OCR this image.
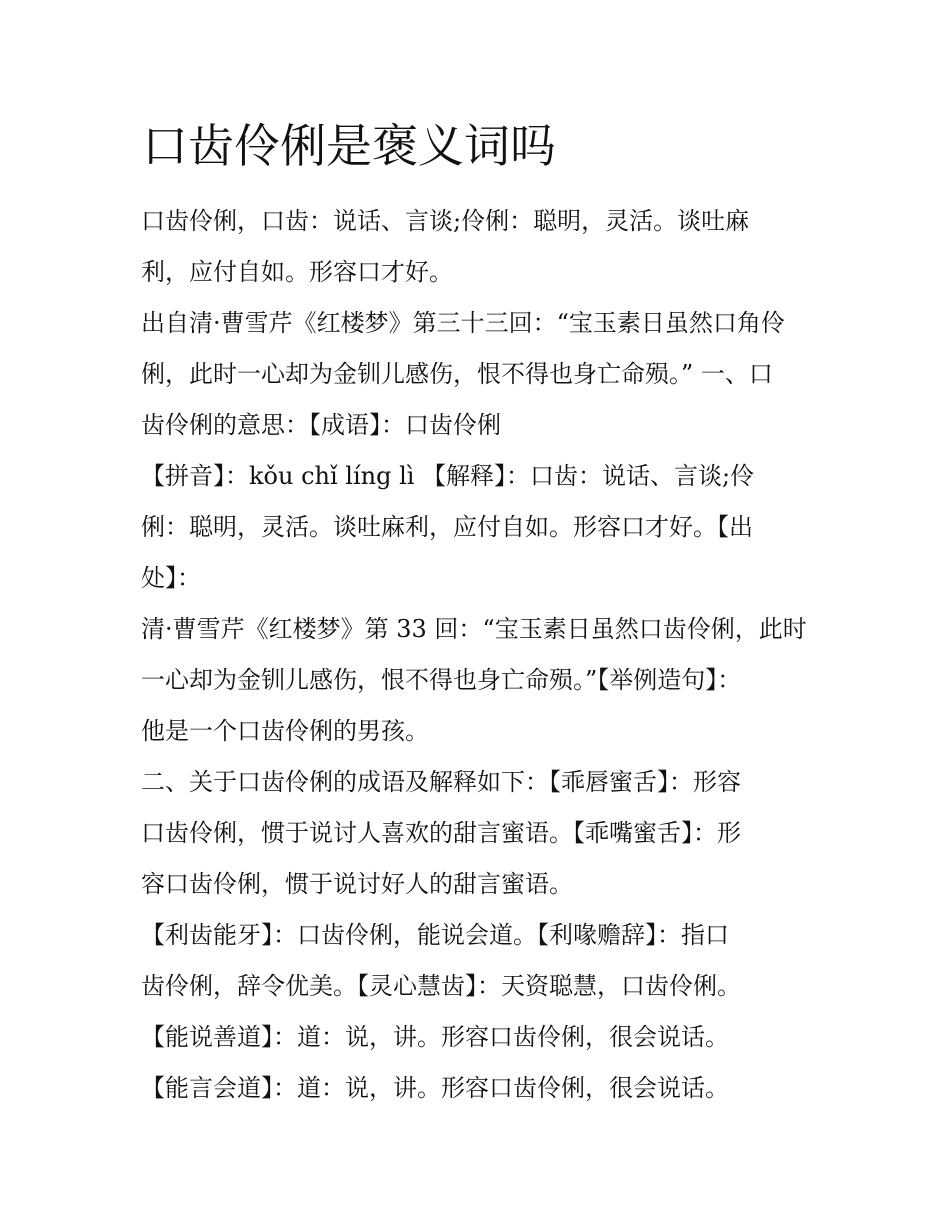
口齿伶俐是褒义词吗
口齿伶俐，口齿：说话、言谈;伶俐：聪明，灵活。谈吐麻
利，应付自如。形容口才好。
出自清·曹雪芹《红楼梦》第三十三回：“宝玉素日虽然口角伶
俐，此时一心却为金钏儿感伤，恨不得也身亡命殒。” 一、口
齿伶俐的意思：【成语】：口齿伶俐
【拼音】：kǒu chǐ líng lì 【解释】：口齿：说话、言谈;伶
俐：聪明，灵活。谈吐麻利，应付自如。形容口才好。【出
处】：
清·曹雪芹《红楼梦》第 33 回：“宝玉素日虽然口齿伶俐，此时
一心却为金钏儿感伤，恨不得也身亡命殒。”【举例造句】：
他是一个口齿伶俐的男孩。
二、关于口齿伶俐的成语及解释如下：【乖唇蜜舌】：形容
口齿伶俐，惯于说讨人喜欢的甜言蜜语。【乖嘴蜜舌】：形
容口齿伶俐，惯于说讨好人的甜言蜜语。
【利齿能牙】：口齿伶俐，能说会道。【利喙赡辞】：指口
齿伶俐，辞令优美。【灵心慧齿】：天资聪慧，口齿伶俐。
【能说善道】：道：说，讲。形容口齿伶俐，很会说话。
【能言会道】：道：说，讲。形容口齿伶俐，很会说话。
